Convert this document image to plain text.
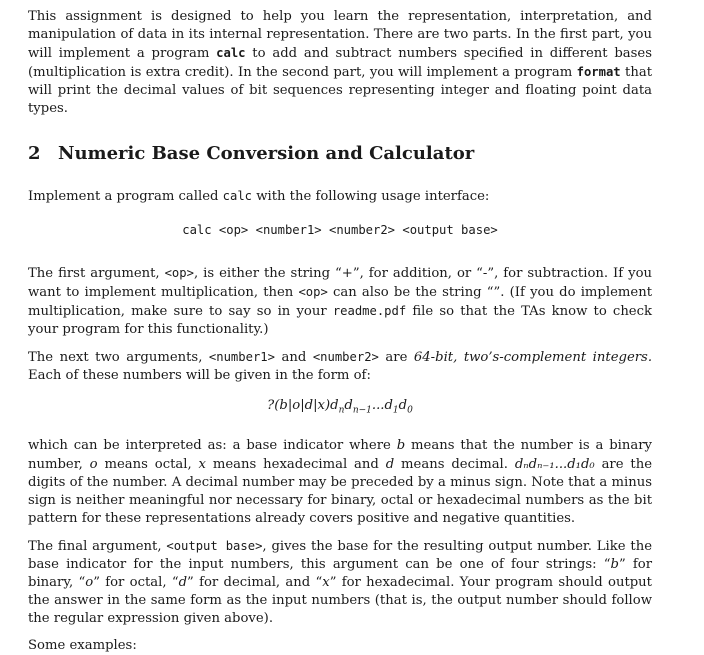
This assignment is designed to help you learn the representation, interpretation, and manipulation of data in its internal representation. There are two parts. In the first part, you will implement a program calc to add and subtract numbers specified in different bases (multiplication is extra credit). In the second part, you will implement a program format that will print the decimal values of bit sequences representing integer and floating point data types.

2 Numeric Base Conversion and Calculator

Implement a program called calc with the following usage interface:

calc <op> <number1> <number2> <output base>

The first argument, <op>, is either the string “+”, for addition, or “-”, for subtraction. If you want to implement multiplication, then <op> can also be the string “”. (If you do implement multiplication, make sure to say so in your readme.pdf file so that the TAs know to check your program for this functionality.)

The next two arguments, <number1> and <number2> are 64-bit, two’s-complement integers. Each of these numbers will be given in the form of:

$?(b|o|d|x)d_nd_{n-1}...d_1d_0$

which can be interpreted as: a base indicator where b means that the number is a binary number, o means octal, x means hexadecimal and d means decimal. dₙdₙ₋₁...d₁d₀ are the digits of the number. A decimal number may be preceded by a minus sign. Note that a minus sign is neither meaningful nor necessary for binary, octal or hexadecimal numbers as the bit pattern for these representations already covers positive and negative quantities.

The final argument, <output base>, gives the base for the resulting output number. Like the base indicator for the input numbers, this argument can be one of four strings: “b” for binary, “o” for octal, “d” for decimal, and “x” for hexadecimal. Your program should output the answer in the same form as the input numbers (that is, the output number should follow the regular expression given above).

Some examples:
